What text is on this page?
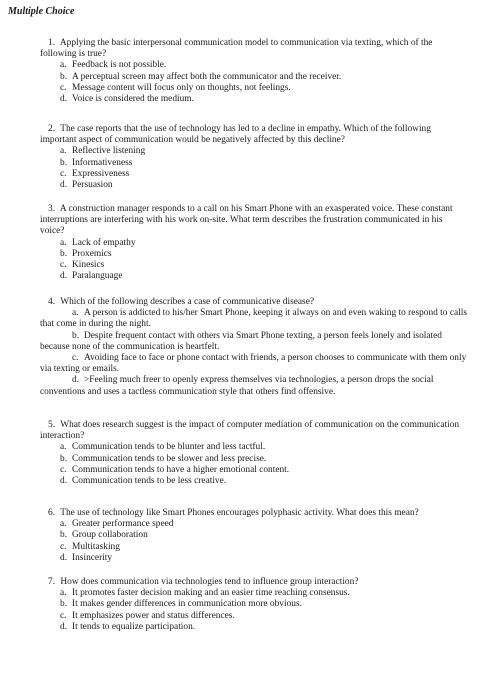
Multiple Choice

1. Applying the basic interpersonal communication model to communication via texting, which of the following is true?

a. Feedback is not possible.

b. A perceptual screen may affect both the communicator and the receiver.

c. Message content will focus only on thoughts, not feelings.

d. Voice is considered the medium.

2. The case reports that the use of technology has led to a decline in empathy. Which of the following important aspect of communication would be negatively affected by this decline?

a. Reflective listening

b. Informativeness

c. Expressiveness

d. Persuasion

3. A construction manager responds to a call on his Smart Phone with an exasperated voice. These constant interruptions are interfering with his work on-site. What term describes the frustration communicated in his voice?

a. Lack of empathy

b. Proxemics

c. Kinesics

d. Paralanguage

4. Which of the following describes a case of communicative disease?

a. A person is addicted to his/her Smart Phone, keeping it always on and even waking to respond to calls that come in during the night.

b. Despite frequent contact with others via Smart Phone texting, a person feels lonely and isolated because none of the communication is heartfelt.

c. Avoiding face to face or phone contact with friends, a person chooses to communicate with them only via texting or emails.

d. >Feeling much freer to openly express themselves via technologies, a person drops the social conventions and uses a tactless communication style that others find offensive.

5. What does research suggest is the impact of computer mediation of communication on the communication interaction?

a. Communication tends to be blunter and less tactful.

b. Communication tends to be slower and less precise.

c. Communication tends to have a higher emotional content.

d. Communication tends to be less creative.

6. The use of technology like Smart Phones encourages polyphasic activity. What does this mean?

a. Greater performance speed

b. Group collaboration

c. Multitasking

d. Insincerity

7. How does communication via technologies tend to influence group interaction?

a. It promotes faster decision making and an easier time reaching consensus.

b. It makes gender differences in communication more obvious.

c. It emphasizes power and status differences.

d. It tends to equalize participation.
